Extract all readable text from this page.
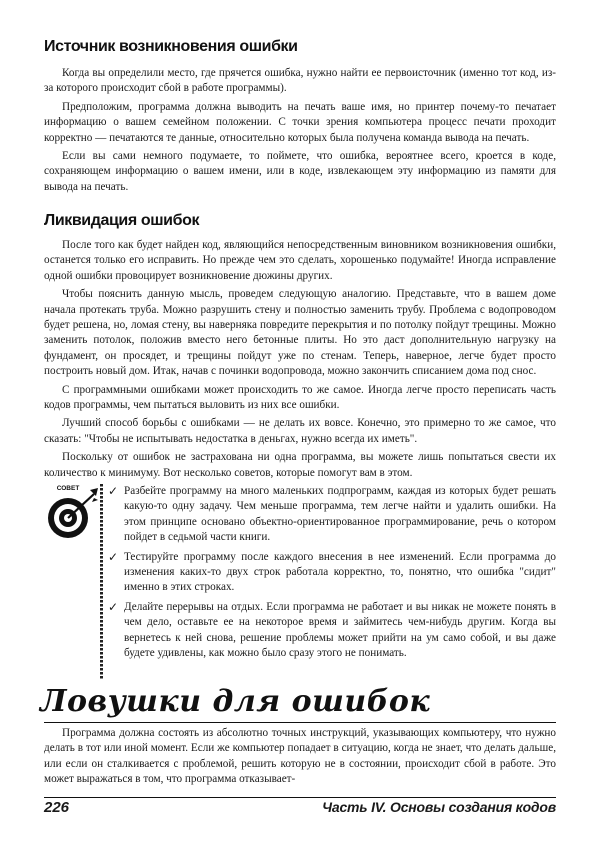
Источник возникновения ошибки

Когда вы определили место, где прячется ошибка, нужно найти ее первоисточник (именно тот код, из-за которого происходит сбой в работе программы).

Предположим, программа должна выводить на печать ваше имя, но принтер почему-то печатает информацию о вашем семейном положении. С точки зрения компьютера процесс печати проходит корректно — печатаются те данные, относительно которых была получена команда вывода на печать.

Если вы сами немного подумаете, то поймете, что ошибка, вероятнее всего, кроется в коде, сохраняющем информацию о вашем имени, или в коде, извлекающем эту информацию из памяти для вывода на печать.

Ликвидация ошибок

После того как будет найден код, являющийся непосредственным виновником возникновения ошибки, останется только его исправить. Но прежде чем это сделать, хорошенько подумайте! Иногда исправление одной ошибки провоцирует возникновение дюжины других.

Чтобы пояснить данную мысль, проведем следующую аналогию. Представьте, что в вашем доме начала протекать труба. Можно разрушить стену и полностью заменить трубу. Проблема с водопроводом будет решена, но, ломая стену, вы наверняка повредите перекрытия и по потолку пойдут трещины. Можно заменить потолок, положив вместо него бетонные плиты. Но это даст дополнительную нагрузку на фундамент, он просядет, и трещины пойдут уже по стенам. Теперь, наверное, легче будет просто построить новый дом. Итак, начав с починки водопровода, можно закончить списанием дома под снос.

С программными ошибками может происходить то же самое. Иногда легче просто переписать часть кодов программы, чем пытаться выловить из них все ошибки.

Лучший способ борьбы с ошибками — не делать их вовсе. Конечно, это примерно то же самое, что сказать: "Чтобы не испытывать недостатка в деньгах, нужно всегда их иметь".

Поскольку от ошибок не застрахована ни одна программа, вы можете лишь попытаться свести их количество к минимуму. Вот несколько советов, которые помогут вам в этом.

СОВЕТ ✓ Разбейте программу на много маленьких подпрограмм, каждая из которых будет решать какую-то одну задачу. Чем меньше программа, тем легче найти и удалить ошибки. На этом принципе основано объектно-ориентированное программирование, речь о котором пойдет в седьмой части книги.
✓ Тестируйте программу после каждого внесения в нее изменений. Если программа до изменения каких-то двух строк работала корректно, то, понятно, что ошибка "сидит" именно в этих строках.
✓ Делайте перерывы на отдых. Если программа не работает и вы никак не можете понять в чем дело, оставьте ее на некоторое время и займитесь чем-нибудь другим. Когда вы вернетесь к ней снова, решение проблемы может прийти на ум само собой, и вы даже будете удивлены, как можно было сразу этого не понимать.
Ловушки для ошибок

Программа должна состоять из абсолютно точных инструкций, указывающих компьютеру, что нужно делать в тот или иной момент. Если же компьютер попадает в ситуацию, когда не знает, что делать дальше, или если он сталкивается с проблемой, решить которую не в состоянии, происходит сбой в работе. Это может выражаться в том, что программа отказывает-

226	Часть IV. Основы создания кодов
